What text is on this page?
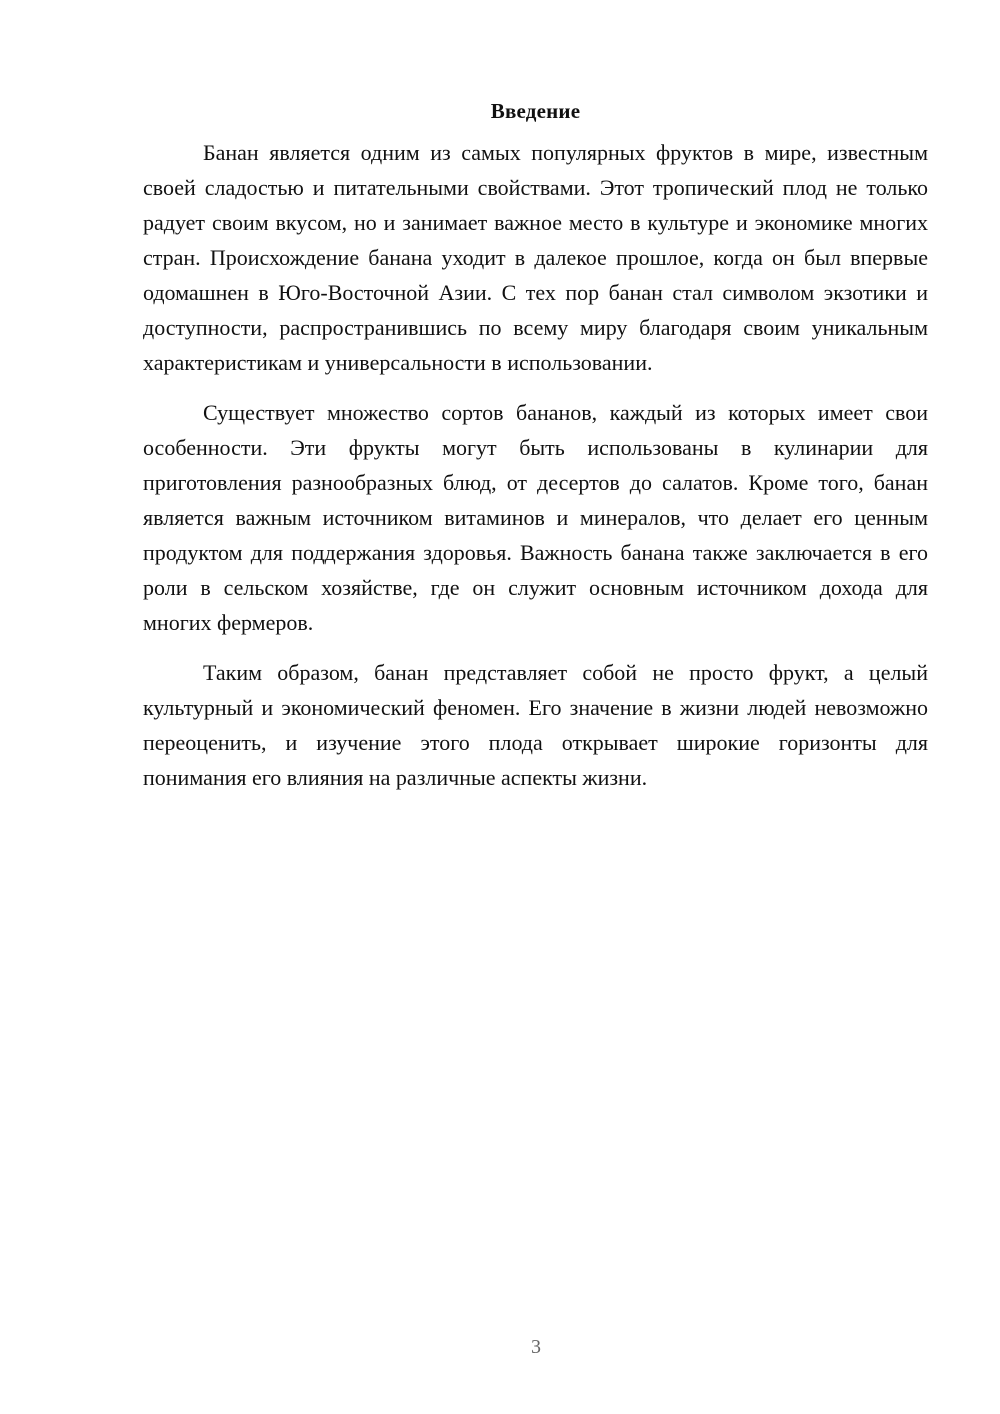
Введение

Банан является одним из самых популярных фруктов в мире, известным своей сладостью и питательными свойствами. Этот тропический плод не только радует своим вкусом, но и занимает важное место в культуре и экономике многих стран. Происхождение банана уходит в далекое прошлое, когда он был впервые одомашнен в Юго-Восточной Азии. С тех пор банан стал символом экзотики и доступности, распространившись по всему миру благодаря своим уникальным характеристикам и универсальности в использовании.

Существует множество сортов бананов, каждый из которых имеет свои особенности. Эти фрукты могут быть использованы в кулинарии для приготовления разнообразных блюд, от десертов до салатов. Кроме того, банан является важным источником витаминов и минералов, что делает его ценным продуктом для поддержания здоровья. Важность банана также заключается в его роли в сельском хозяйстве, где он служит основным источником дохода для многих фермеров.

Таким образом, банан представляет собой не просто фрукт, а целый культурный и экономический феномен. Его значение в жизни людей невозможно переоценить, и изучение этого плода открывает широкие горизонты для понимания его влияния на различные аспекты жизни.

3
